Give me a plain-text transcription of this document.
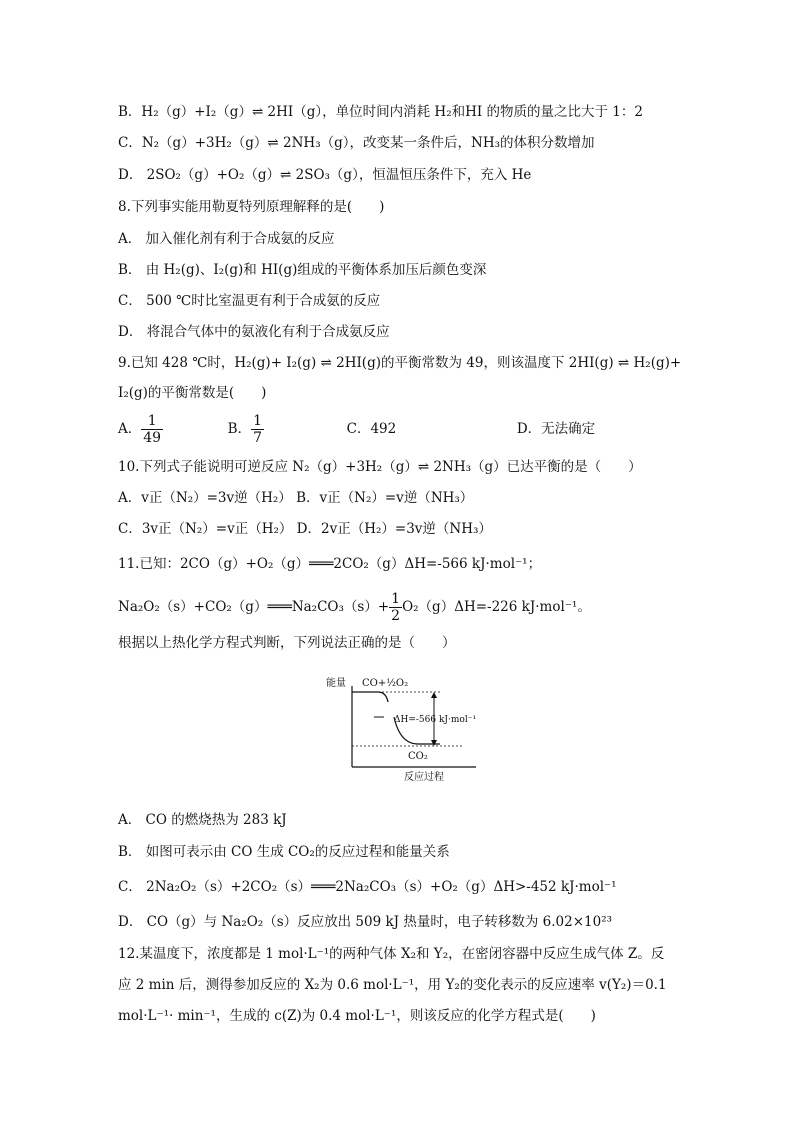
B．H₂（g）+I₂（g）⇌ 2HI（g），单位时间内消耗 H₂和HI 的物质的量之比大于 1：2
C．N₂（g）+3H₂（g）⇌ 2NH₃（g），改变某一条件后，NH₃的体积分数增加
D． 2SO₂（g）+O₂（g）⇌ 2SO₃（g），恒温恒压条件下，充入 He
8.下列事实能用勒夏特列原理解释的是(　　)
A． 加入催化剂有利于合成氨的反应
B． 由 H₂(g)、I₂(g)和 HI(g)组成的平衡体系加压后颜色变深
C． 500 ℃时比室温更有利于合成氨的反应
D． 将混合气体中的氨液化有利于合成氨反应
9.已知 428 ℃时，H₂(g)+ I₂(g) ⇌ 2HI(g)的平衡常数为 49，则该温度下 2HI(g) ⇌ H₂(g)+
I₂(g)的平衡常数是(　　)
A． $\frac{1}{49}$	B． $\frac{1}{7}$	C．492	D．无法确定
10.下列式子能说明可逆反应 N₂（g）+3H₂（g）⇌ 2NH₃（g）已达平衡的是（　　）
A．v正（N₂）=3v逆（H₂） B．v正（N₂）=v逆（NH₃）
C．3v正（N₂）=v正（H₂） D．2v正（H₂）=3v逆（NH₃）
11.已知：2CO（g）+O₂（g）═══2CO₂（g）ΔH=-566 kJ·mol⁻¹；
Na₂O₂（s）+CO₂（g）═══Na₂CO₃（s）+ $\frac{1}{2} O_2(g)\Delta H=-226$ kJ·mol⁻¹。
根据以上热化学方程式判断，下列说法正确的是（　　）
能量 CO+½O₂
CO₂
ΔH=-566 kJ·mol⁻¹
反应过程
A． CO 的燃烧热为 283 kJ
B． 如图可表示由 CO 生成 CO₂的反应过程和能量关系
C． 2Na₂O₂（s）+2CO₂（s）═══2Na₂CO₃（s）+O₂（g）ΔH>-452 kJ·mol⁻¹
D． CO（g）与 Na₂O₂（s）反应放出 509 kJ 热量时，电子转移数为 6.02×10²³
12.某温度下，浓度都是 1 mol·L⁻¹的两种气体 X₂和 Y₂，在密闭容器中反应生成气体 Z。反
应 2 min 后，测得参加反应的 X₂为 0.6 mol·L⁻¹，用 Y₂的变化表示的反应速率 v(Y₂)＝0.1
mol·L⁻¹· min⁻¹，生成的 c(Z)为 0.4 mol·L⁻¹，则该反应的化学方程式是(　　)
